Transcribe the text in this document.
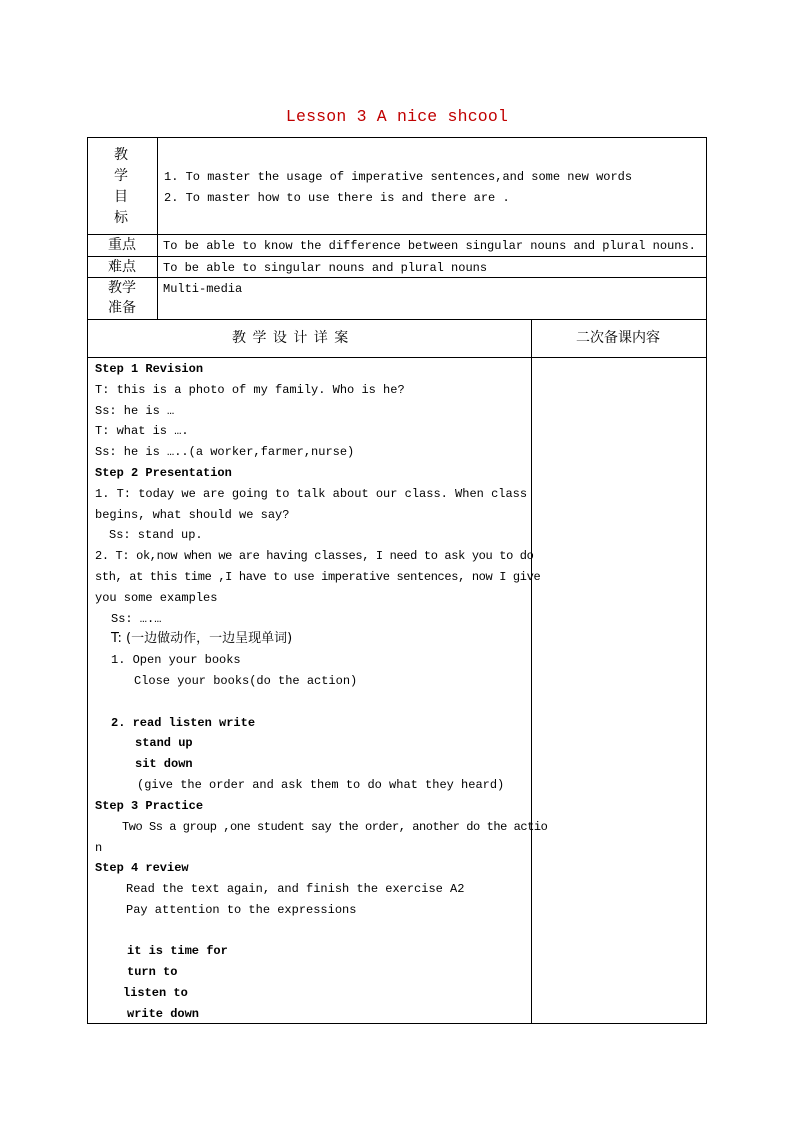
Lesson 3 A nice shcool
教
学
目
标
1. To master the usage of imperative sentences,and some new words
2. To master how to use there is and there are .
重点 To be able to know the difference between singular nouns and plural nouns.
难点 To be able to singular nouns and plural nouns
教学
准备
Multi-media
教 学 设 计 详 案	二次备课内容
Step 1 Revision
T: this is a photo of my family. Who is he?
Ss: he is …
T: what is ….
Ss: he is …..(a worker,farmer,nurse)
Step 2 Presentation
1. T: today we are going to talk about our class. When class
begins, what should we say?
Ss: stand up.
2. T: ok,now when we are having classes, I need to ask you to do
sth, at this time ,I have to use imperative sentences, now I give
you some examples
Ss: ….…
T: (一边做动作，一边呈现单词)
1. Open your books
Close your books(do the action)
2. read listen write
stand up
sit down
(give the order and ask them to do what they heard)
Step 3 Practice
Two Ss a group ,one student say the order, another do the actio
n
Step 4 review
Read the text again, and finish the exercise A2
Pay attention to the expressions
it is time for
turn to
listen to
write down
